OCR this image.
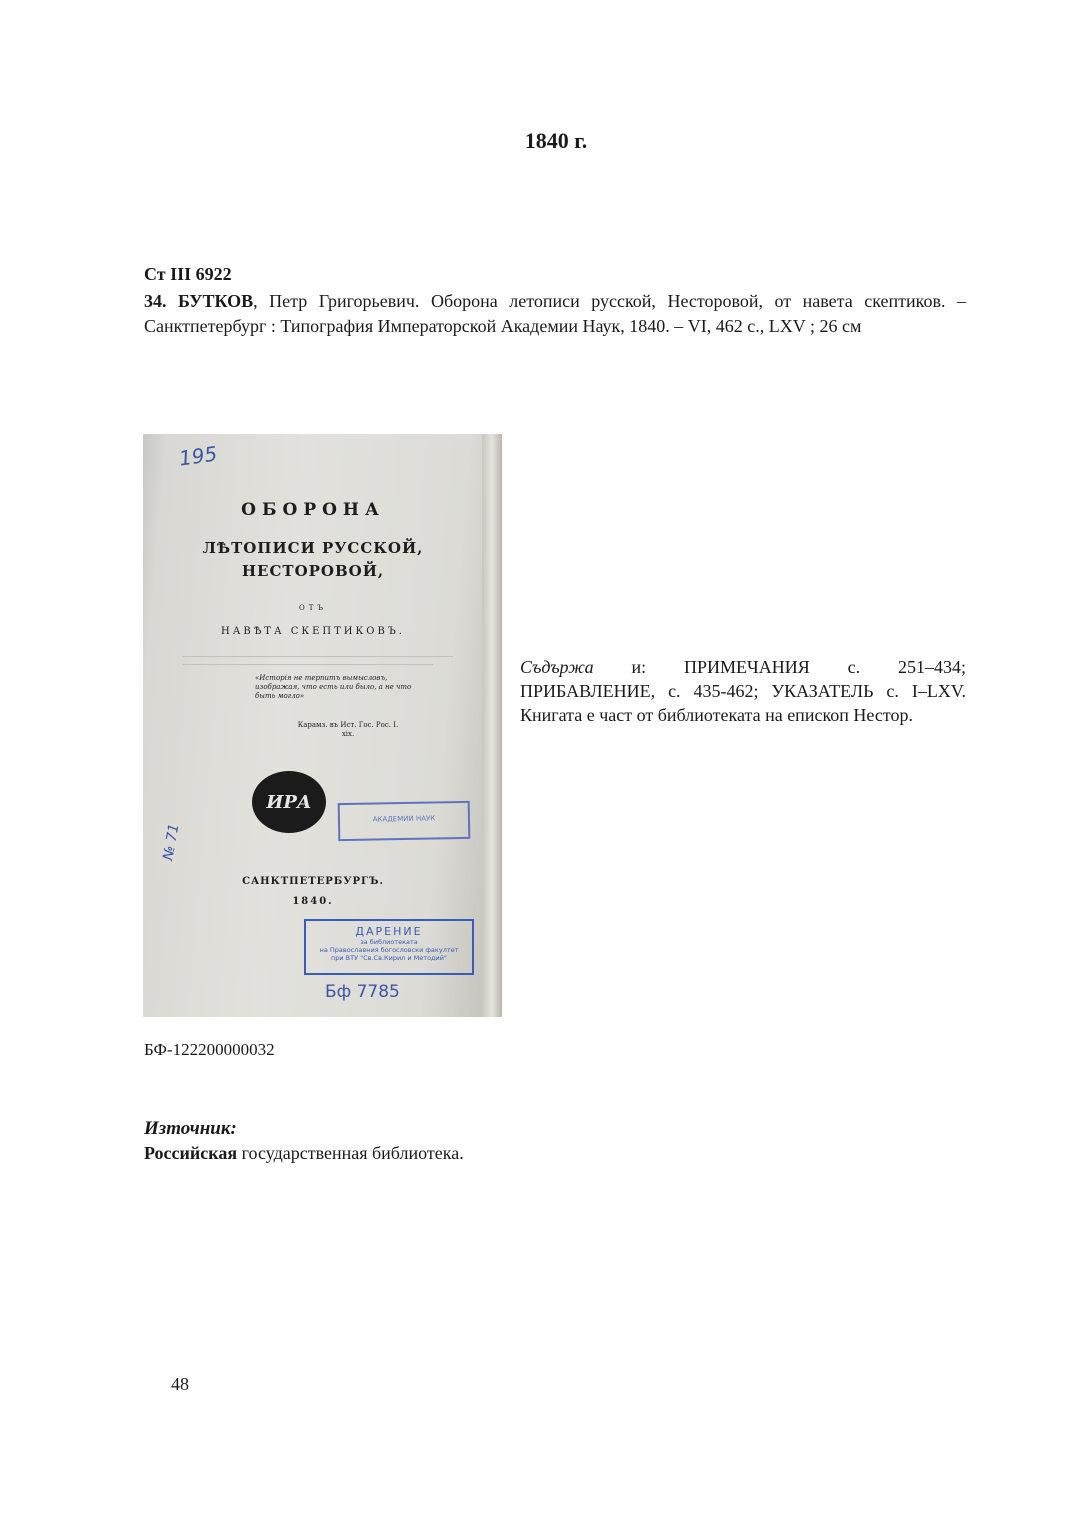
1840 г.
Ст III 6922
34. БУТКОВ, Петр Григорьевич. Оборона летописи русской, Несторовой, от навета скептиков. – Санктпетербург : Типография Императорской Академии Наук, 1840. – VI, 462 с., LXV ; 26 см
195
ОБОРОНА
ЛѢТОПИСИ РУССКОЙ,
НЕСТОРОВОЙ,
ОТЪ
НАВѢТА СКЕПТИКОВЪ.
«Исторія не терпитъ вымысловъ, изображая, что есть или было, а не что быть могло»
Карамз. въ Ист. Гос. Рос. I. xix.
ИРА
АКАДЕМИИ НАУК
№ 71
САНКТПЕТЕРБУРГЪ.
1840.
ДАРЕНИЕ
за библиотеката
на Православния богословски факултет
при ВТУ "Св.Св.Кирил и Методий"
Бф 7785
Съдържа и: ПРИМЕЧАНИЯ с. 251–434; ПРИБАВЛЕНИЕ, с. 435-462; УКАЗАТЕЛЬ с. I–LXV. Книгата е част от библиотеката на епископ Нестор.
БФ-122200000032
Източник:
Российская государственная библиотека.
48
